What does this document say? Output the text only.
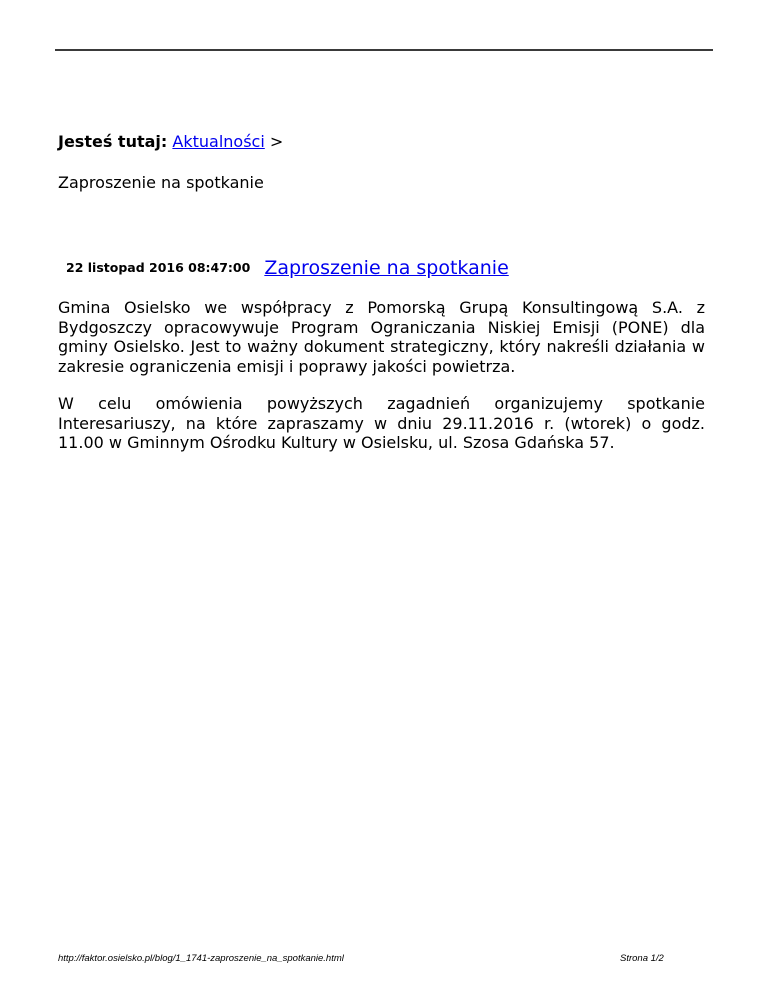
Jesteś tutaj: Aktualności >
Zaproszenie na spotkanie
22 listopad 2016 08:47:00 Zaproszenie na spotkanie

Gmina Osielsko we współpracy z Pomorską Grupą Konsultingową S.A. z Bydgoszczy opracowywuje Program Ograniczania Niskiej Emisji (PONE) dla gminy Osielsko. Jest to ważny dokument strategiczny, który nakreśli działania w zakresie ograniczenia emisji i poprawy jakości powietrza.

W celu omówienia powyższych zagadnień organizujemy spotkanie Interesariuszy, na które zapraszamy w dniu 29.11.2016 r. (wtorek) o godz. 11.00 w Gminnym Ośrodku Kultury w Osielsku, ul. Szosa Gdańska 57.

http://faktor.osielsko.pl/blog/1_1741-zaproszenie_na_spotkanie.html	Strona 1/2
